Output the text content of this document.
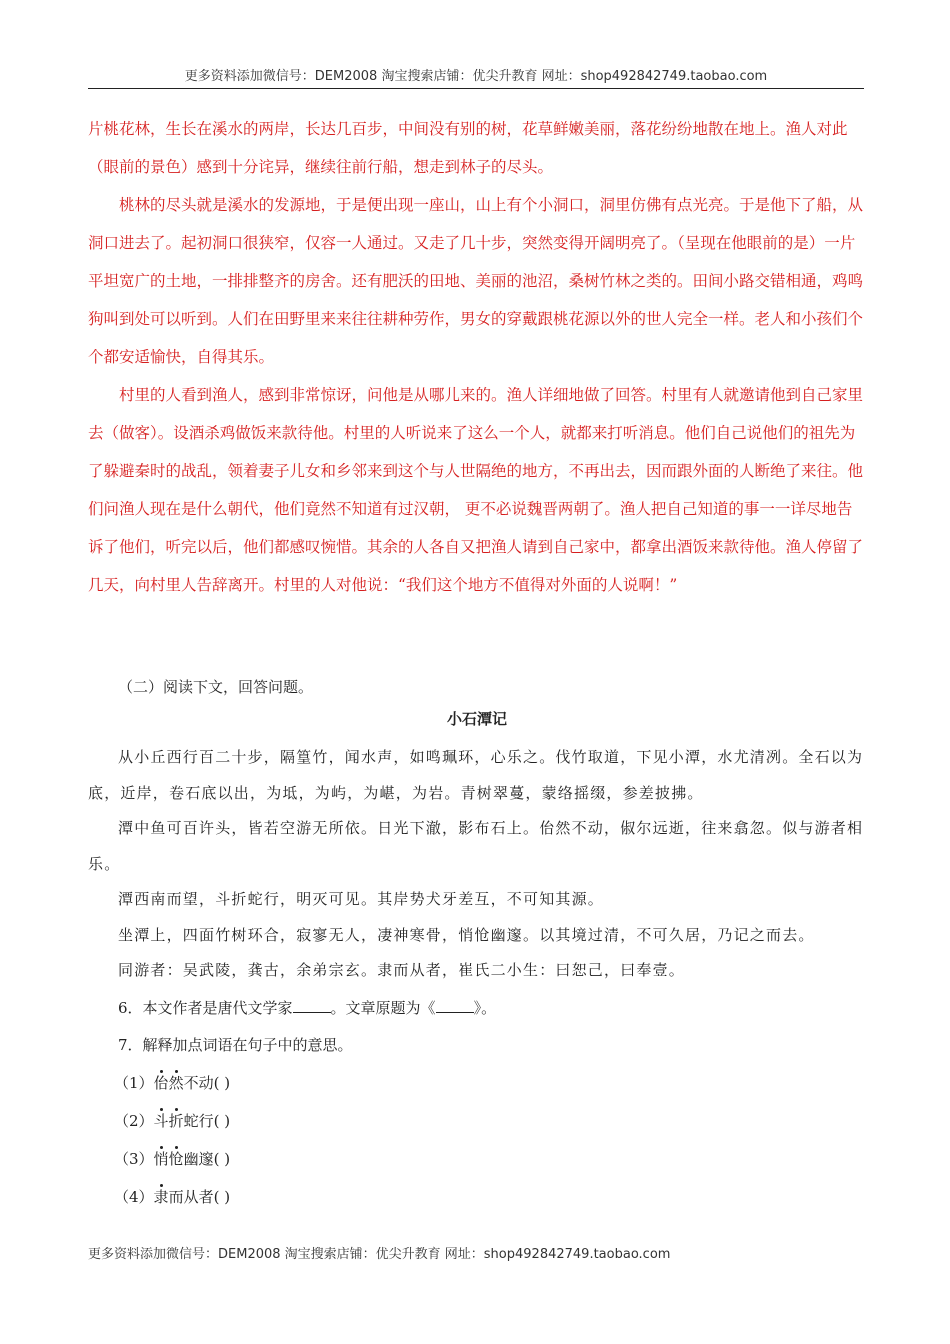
更多资料添加微信号：DEM2008 淘宝搜索店铺：优尖升教育 网址：shop492842749.taobao.com

片桃花林，生长在溪水的两岸，长达几百步，中间没有别的树，花草鲜嫩美丽，落花纷纷地散在地上。渔人对此（眼前的景色）感到十分诧异，继续往前行船，想走到林子的尽头。

桃林的尽头就是溪水的发源地，于是便出现一座山，山上有个小洞口，洞里仿佛有点光亮。于是他下了船，从洞口进去了。起初洞口很狭窄，仅容一人通过。又走了几十步，突然变得开阔明亮了。（呈现在他眼前的是）一片平坦宽广的土地，一排排整齐的房舍。还有肥沃的田地、美丽的池沼，桑树竹林之类的。田间小路交错相通，鸡鸣狗叫到处可以听到。人们在田野里来来往往耕种劳作，男女的穿戴跟桃花源以外的世人完全一样。老人和小孩们个个都安适愉快，自得其乐。

村里的人看到渔人，感到非常惊讶，问他是从哪儿来的。渔人详细地做了回答。村里有人就邀请他到自己家里去（做客）。设酒杀鸡做饭来款待他。村里的人听说来了这么一个人，就都来打听消息。他们自己说他们的祖先为了躲避秦时的战乱，领着妻子儿女和乡邻来到这个与人世隔绝的地方，不再出去，因而跟外面的人断绝了来往。他们问渔人现在是什么朝代，他们竟然不知道有过汉朝， 更不必说魏晋两朝了。渔人把自己知道的事一一详尽地告诉了他们，听完以后，他们都感叹惋惜。其余的人各自又把渔人请到自己家中，都拿出酒饭来款待他。渔人停留了几天，向村里人告辞离开。村里的人对他说：“我们这个地方不值得对外面的人说啊！”

（二）阅读下文，回答问题。

小石潭记

从小丘西行百二十步，隔篁竹，闻水声，如鸣珮环，心乐之。伐竹取道，下见小潭，水尤清冽。全石以为底，近岸，卷石底以出，为坻，为屿，为嵁，为岩。青树翠蔓，蒙络摇缀，参差披拂。

潭中鱼可百许头，皆若空游无所依。日光下澈，影布石上。佁然不动，俶尔远逝，往来翕忽。似与游者相乐。

潭西南而望，斗折蛇行，明灭可见。其岸势犬牙差互，不可知其源。

坐潭上，四面竹树环合，寂寥无人，凄神寒骨，悄怆幽邃。以其境过清，不可久居，乃记之而去。

同游者：吴武陵，龚古，余弟宗玄。隶而从者，崔氏二小生：曰恕己，曰奉壹。

6．本文作者是唐代文学家	。文章原题为《	》。

7．解释加点词语在句子中的意思。

（1）佁然不动( )

（2）斗折蛇行( )

（3）悄怆幽邃( )

（4）隶而从者( )

更多资料添加微信号：DEM2008 淘宝搜索店铺：优尖升教育 网址：shop492842749.taobao.com
